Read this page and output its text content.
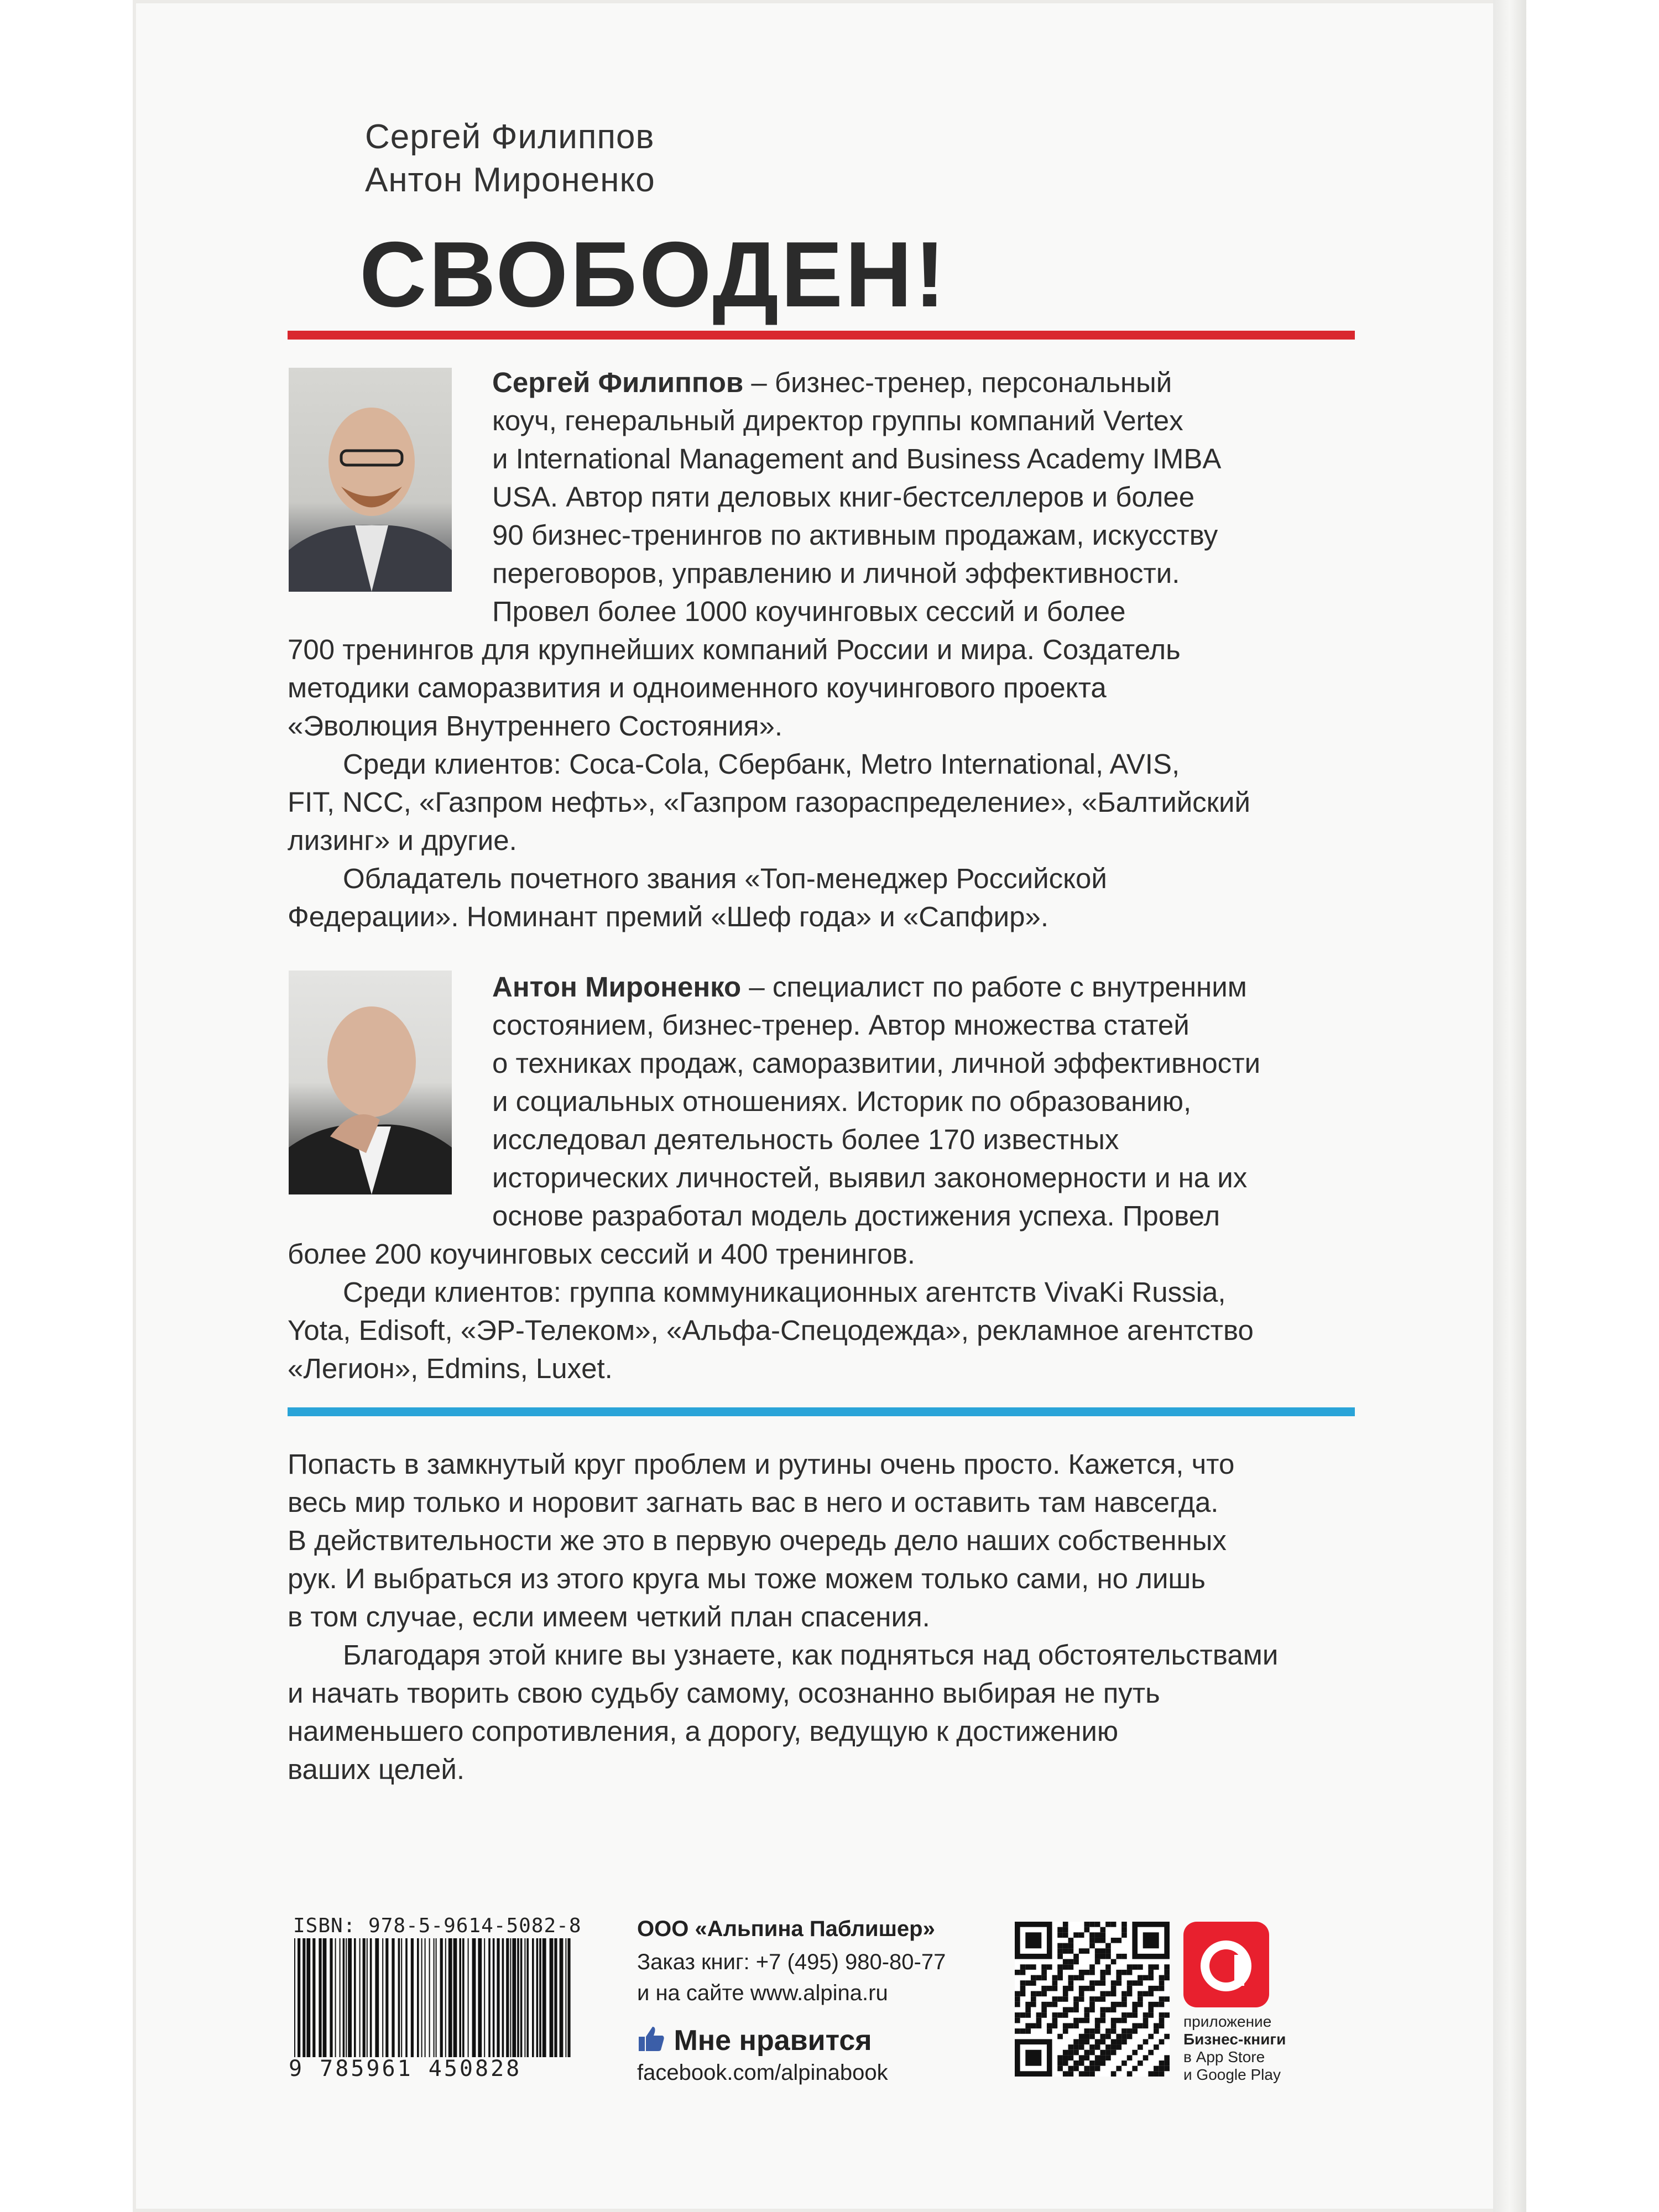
Сергей Филиппов
Антон Мироненко
СВОБОДЕН!
Сергей Филиппов – бизнес-тренер, персональный
коуч, генеральный директор группы компаний Vertex
и International Management and Business Academy IMBA
USA. Автор пяти деловых книг-бестселлеров и более
90 бизнес-тренингов по активным продажам, искусству
переговоров, управлению и личной эффективности.
Провел более 1000 коучинговых сессий и более
700 тренингов для крупнейших компаний России и мира. Создатель
методики саморазвития и одноименного коучингового проекта
«Эволюция Внутреннего Состояния».
Среди клиентов: Coca-Cola, Сбербанк, Metro International, AVIS,
FIT, NCC, «Газпром нефть», «Газпром газораспределение», «Балтийский
лизинг» и другие.
Обладатель почетного звания «Топ-менеджер Российской
Федерации». Номинант премий «Шеф года» и «Сапфир».
Антон Мироненко – специалист по работе с внутренним
состоянием, бизнес-тренер. Автор множества статей
о техниках продаж, саморазвитии, личной эффективности
и социальных отношениях. Историк по образованию,
исследовал деятельность более 170 известных
исторических личностей, выявил закономерности и на их
основе разработал модель достижения успеха. Провел
более 200 коучинговых сессий и 400 тренингов.
Среди клиентов: группа коммуникационных агентств VivaKi Russia,
Yota, Edisoft, «ЭР-Телеком», «Альфа-Спецодежда», рекламное агентство
«Легион», Edmins, Luxet.
Попасть в замкнутый круг проблем и рутины очень просто. Кажется, что
весь мир только и норовит загнать вас в него и оставить там навсегда.
В действительности же это в первую очередь дело наших собственных
рук. И выбраться из этого круга мы тоже можем только сами, но лишь
в том случае, если имеем четкий план спасения.
Благодаря этой книге вы узнаете, как подняться над обстоятельствами
и начать творить свою судьбу самому, осознанно выбирая не путь
наименьшего сопротивления, а дорогу, ведущую к достижению
ваших целей.
ISBN: 978-5-9614-5082-8
9 785961 450828
ООО «Альпина Паблишер»
Заказ книг: +7 (495) 980-80-77
и на сайте www.alpina.ru
Мне нравится
facebook.com/alpinabook
приложение
Бизнес-книги
в App Store
и Google Play
